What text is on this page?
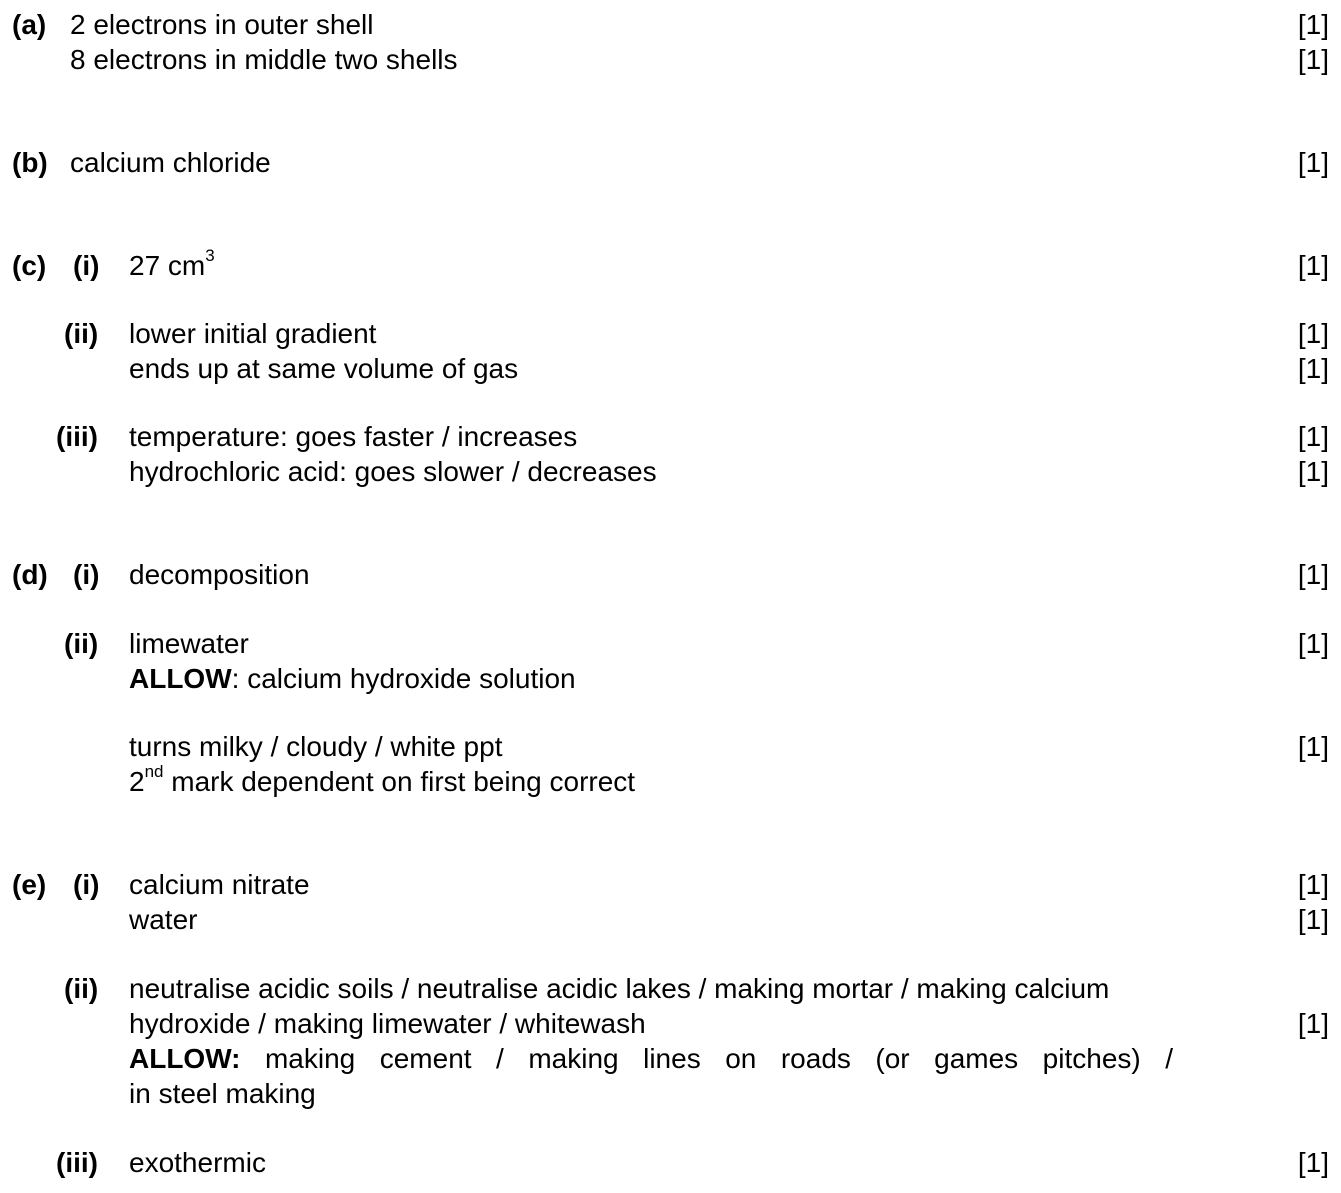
(a) 2 electrons in outer shell	[1]
8 electrons in middle two shells	[1]
(b) calcium chloride	[1]
(c) (i) 27 $cm^3$	[1]
(ii) lower initial gradient	[1]
ends up at same volume of gas	[1]
(iii) temperature: goes faster / increases	[1]
hydrochloric acid: goes slower / decreases	[1]
(d) (i) decomposition	[1]
(ii) limewater	[1]
ALLOW: calcium hydroxide solution
turns milky / cloudy / white ppt	[1]
2nd mark dependent on first being correct
(e) (i) calcium nitrate	[1]
water	[1]
(ii) neutralise acidic soils / neutralise acidic lakes / making mortar / making calcium
hydroxide / making limewater / whitewash	[1]
ALLOW: making cement / making lines on roads (or games pitches) /
in steel making
(iii) exothermic	[1]
